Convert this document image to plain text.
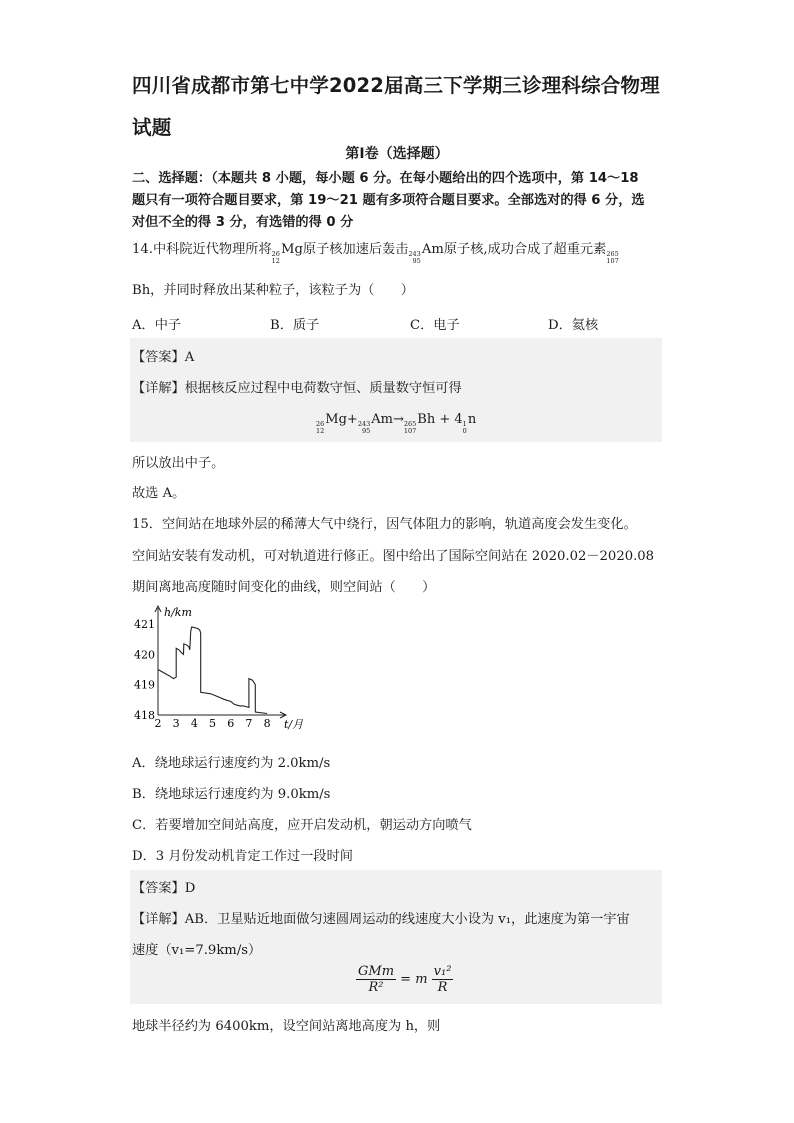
四川省成都市第七中学2022届高三下学期三诊理科综合物理
试题
第Ⅰ卷（选择题）
二、选择题：（本题共 8 小题，每小题 6 分。在每小题给出的四个选项中，第 14～18
题只有一项符合题目要求，第 19～21 题有多项符合题目要求。全部选对的得 6 分，选
对但不全的得 3 分，有选错的得 0 分
14.中科院近代物理所将 26
12
Mg原子核加速后轰击 243
95
Am原子核,成功合成了超重元素 265
107
Bh，并同时释放出某种粒子，该粒子为（　　）
A．中子	B．质子	C．电子	D．氦核
【答案】A
【详解】根据核反应过程中电荷数守恒、质量数守恒可得
26
12
Mg+ 243
95
Am→ 265
107
Bh + 4 1
0
n
所以放出中子。
故选 A。
15．空间站在地球外层的稀薄大气中绕行，因气体阻力的影响，轨道高度会发生变化。
空间站安装有发动机，可对轨道进行修正。图中给出了国际空间站在 2020.02－2020.08
期间离地高度随时间变化的曲线，则空间站（　　）
h/km
t/月
418
419
420
421
2 3 4 5 6 7 8
A．绕地球运行速度约为 2.0km/s
B．绕地球运行速度约为 9.0km/s
C．若要增加空间站高度，应开启发动机，朝运动方向喷气
D．3 月份发动机肯定工作过一段时间
【答案】D
【详解】AB．卫星贴近地面做匀速圆周运动的线速度大小设为 v₁，此速度为第一宇宙
速度（v₁=7.9km/s）
$\frac{\text{GMm}}{\text{R²}} = m \frac{\text{v₁²}}{R}$
地球半径约为 6400km，设空间站离地高度为 h，则
